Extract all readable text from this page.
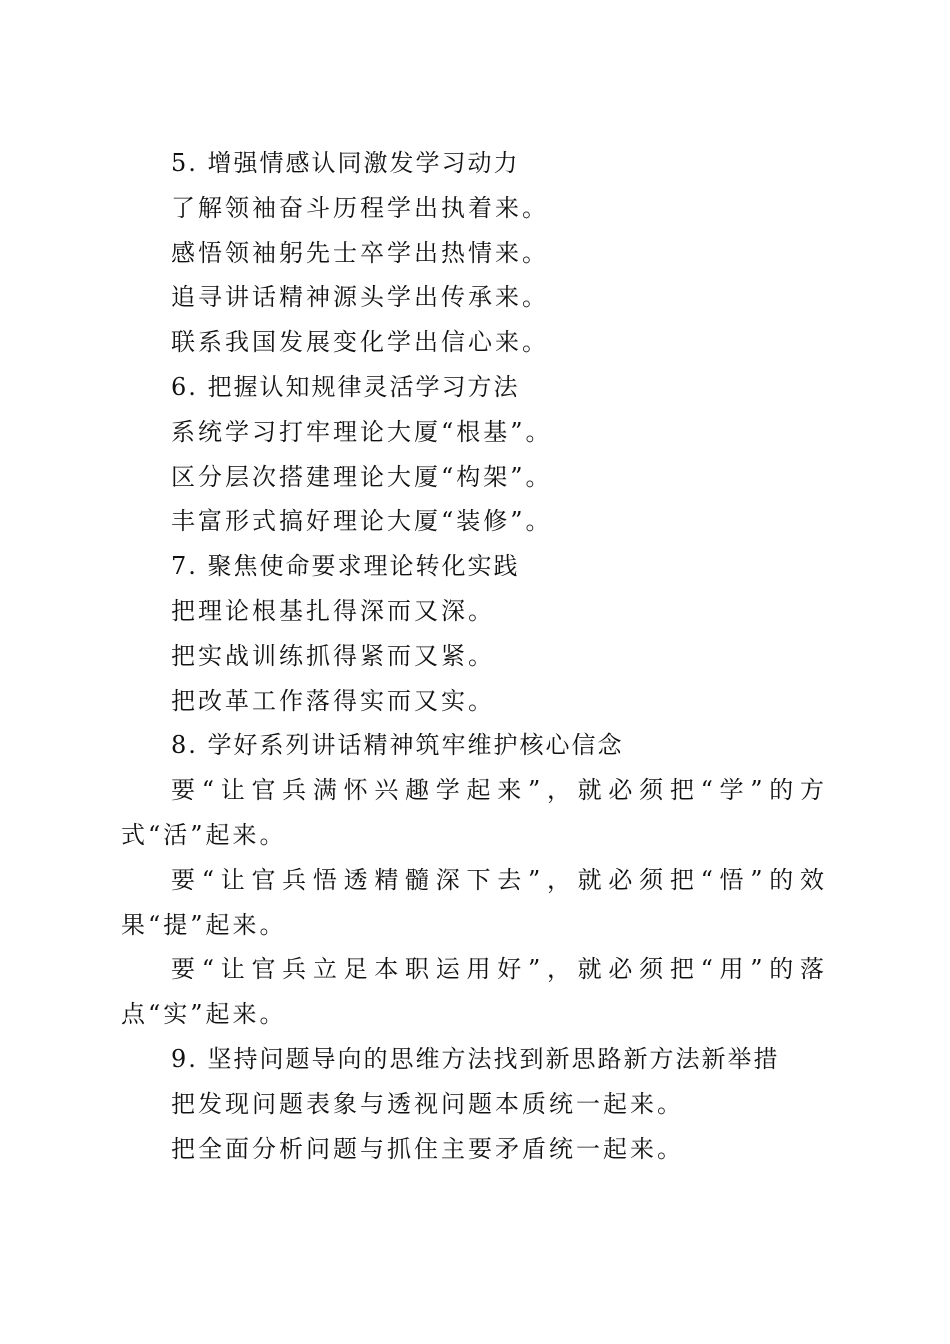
5. 增强情感认同激发学习动力
了解领袖奋斗历程学出执着来。
感悟领袖躬先士卒学出热情来。
追寻讲话精神源头学出传承来。
联系我国发展变化学出信心来。
6. 把握认知规律灵活学习方法
系统学习打牢理论大厦“根基”。
区分层次搭建理论大厦“构架”。
丰富形式搞好理论大厦“装修”。
7. 聚焦使命要求理论转化实践
把理论根基扎得深而又深。
把实战训练抓得紧而又紧。
把改革工作落得实而又实。
8. 学好系列讲话精神筑牢维护核心信念
要“让官兵满怀兴趣学起来”，就必须把“学”的方式“活”起来。
要“让官兵悟透精髓深下去”，就必须把“悟”的效果“提”起来。
要“让官兵立足本职运用好”，就必须把“用”的落点“实”起来。
9. 坚持问题导向的思维方法找到新思路新方法新举措
把发现问题表象与透视问题本质统一起来。
把全面分析问题与抓住主要矛盾统一起来。
